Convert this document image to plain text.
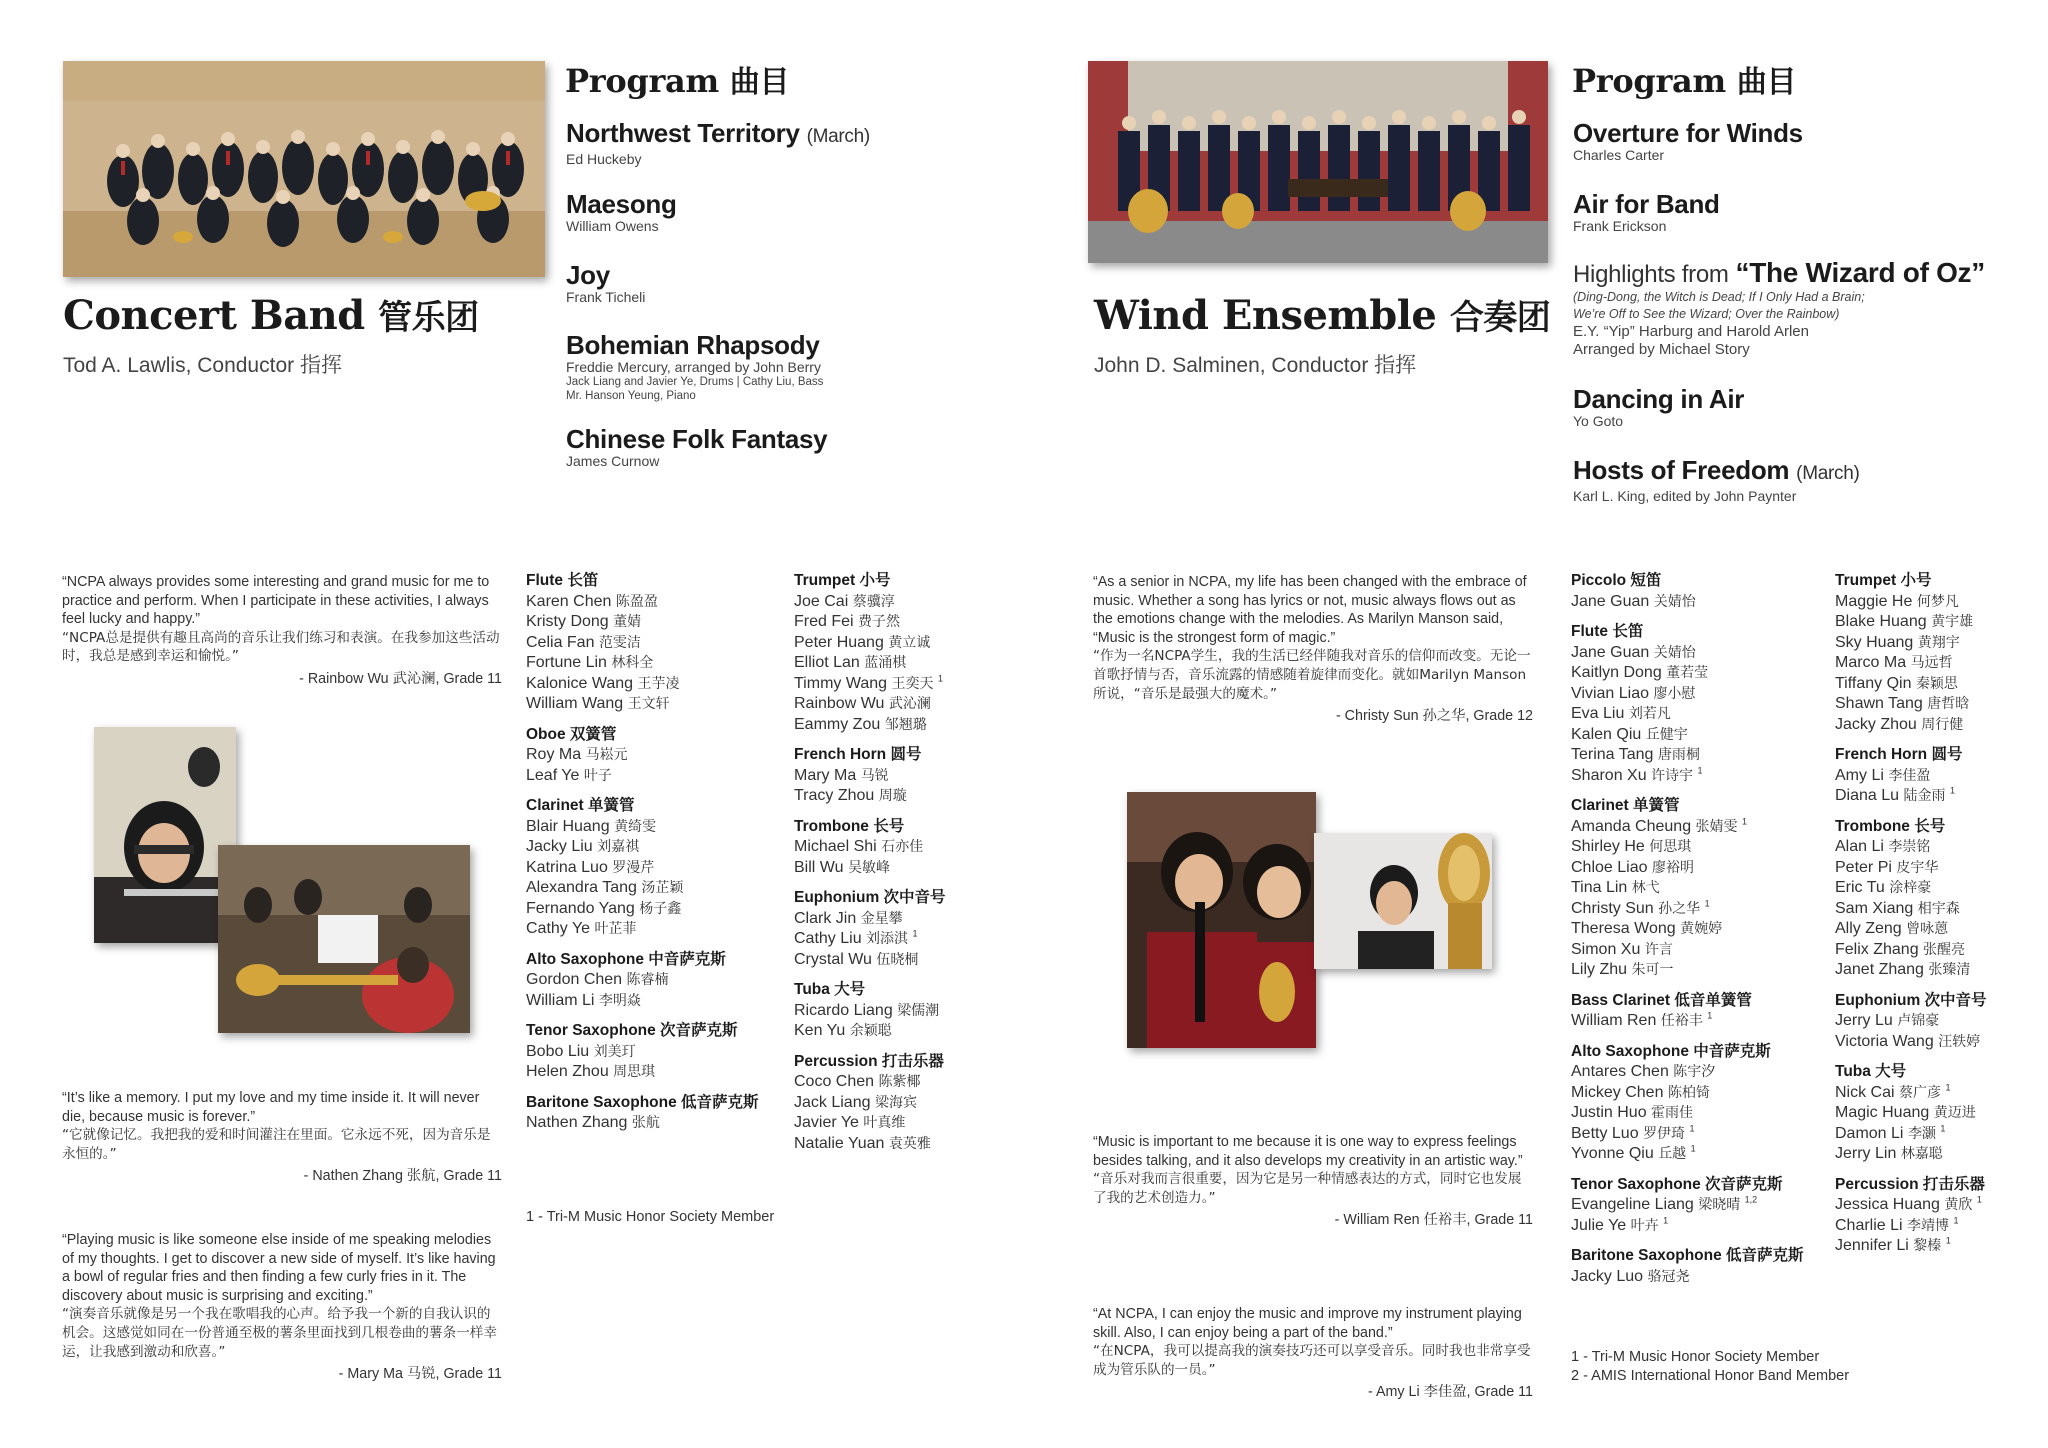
Concert Band 管乐团
Tod A. Lawlis, Conductor 指挥
Program 曲目
Northwest Territory (March)
Ed Huckeby
Maesong
William Owens
Joy
Frank Ticheli
Bohemian Rhapsody
Freddie Mercury, arranged by John Berry
Jack Liang and Javier Ye, Drums | Cathy Liu, Bass
Mr. Hanson Yeung, Piano
Chinese Folk Fantasy
James Curnow
Wind Ensemble 合奏团
John D. Salminen, Conductor 指挥
Program 曲目
Overture for Winds
Charles Carter
Air for Band
Frank Erickson
Highlights from “The Wizard of Oz”
(Ding-Dong, the Witch is Dead; If I Only Had a Brain;
We’re Off to See the Wizard; Over the Rainbow)
E.Y. “Yip” Harburg and Harold Arlen
Arranged by Michael Story
Dancing in Air
Yo Goto
Hosts of Freedom (March)
Karl L. King, edited by John Paynter

“NCPA always provides some interesting and grand music for me to practice and perform. When I participate in these activities, I always feel lucky and happy.”

“NCPA总是提供有趣且高尚的音乐让我们练习和表演。在我参加这些活动时，我总是感到幸运和愉悦。”

- Rainbow Wu 武沁澜, Grade 11

“It’s like a memory. I put my love and my time inside it. It will never die, because music is forever.”

“它就像记忆。我把我的爱和时间灌注在里面。它永远不死，因为音乐是永恒的。”

- Nathen Zhang 张航, Grade 11

“Playing music is like someone else inside of me speaking melodies of my thoughts. I get to discover a new side of myself. It’s like having a bowl of regular fries and then finding a few curly fries in it. The discovery about music is surprising and exciting.”

“演奏音乐就像是另一个我在歌唱我的心声。给予我一个新的自我认识的机会。这感觉如同在一份普通至极的薯条里面找到几根卷曲的薯条一样幸运，让我感到激动和欣喜。”

- Mary Ma 马锐, Grade 11

“As a senior in NCPA, my life has been changed with the embrace of music. Whether a song has lyrics or not, music always flows out as the emotions change with the melodies. As Marilyn Manson said, “Music is the strongest form of magic.”

“作为一名NCPA学生，我的生活已经伴随我对音乐的信仰而改变。无论一首歌抒情与否，音乐流露的情感随着旋律而变化。就如Marilyn Manson 所说，“音乐是最强大的魔术。”

- Christy Sun 孙之华, Grade 12

“Music is important to me because it is one way to express feelings besides talking, and it also develops my creativity in an artistic way.”

“音乐对我而言很重要，因为它是另一种情感表达的方式，同时它也发展了我的艺术创造力。”

- William Ren 任裕丰, Grade 11

“At NCPA, I can enjoy the music and improve my instrument playing skill. Also, I can enjoy being a part of the band.”

“在NCPA，我可以提高我的演奏技巧还可以享受音乐。同时我也非常享受成为管乐队的一员。”

- Amy Li 李佳盈, Grade 11

Flute 长笛
Karen Chen 陈盈盈
Kristy Dong 董婧
Celia Fan 范雯洁
Fortune Lin 林科全
Kalonice Wang 王芋凌
William Wang 王文轩
Oboe 双簧管
Roy Ma 马崧元
Leaf Ye 叶子
Clarinet 单簧管
Blair Huang 黄绮雯
Jacky Liu 刘嘉祺
Katrina Luo 罗漫芹
Alexandra Tang 汤芷颖
Fernando Yang 杨子鑫
Cathy Ye 叶芷菲
Alto Saxophone 中音萨克斯
Gordon Chen 陈睿楠
William Li 李明焱
Tenor Saxophone 次音萨克斯
Bobo Liu 刘美玎
Helen Zhou 周思琪
Baritone Saxophone 低音萨克斯
Nathen Zhang 张航
Trumpet 小号
Joe Cai 蔡骥淳
Fred Fei 费子然
Peter Huang 黄立诚
Elliot Lan 蓝涌棋
Timmy Wang 王奕天 $^1$
Rainbow Wu 武沁澜
Eammy Zou 邹翘璐
French Horn 圆号
Mary Ma 马锐
Tracy Zhou 周璇
Trombone 长号
Michael Shi 石亦佳
Bill Wu 吴敏峰
Euphonium 次中音号
Clark Jin 金星攀
Cathy Liu 刘添淇 $^1$
Crystal Wu 伍晓桐
Tuba 大号
Ricardo Liang 梁儒潮
Ken Yu 余颖聪
Percussion 打击乐器
Coco Chen 陈紫椰
Jack Liang 梁海宾
Javier Ye 叶真维
Natalie Yuan 袁英雅
1 - Tri-M Music Honor Society Member
Piccolo 短笛
Jane Guan 关婧怡
Flute 长笛
Jane Guan 关婧怡
Kaitlyn Dong 董若莹
Vivian Liao 廖小慰
Eva Liu 刘若凡
Kalen Qiu 丘健宇
Terina Tang 唐雨桐
Sharon Xu 许诗宇 $^1$
Clarinet 单簧管
Amanda Cheung 张婧雯 $^1$
Shirley He 何思琪
Chloe Liao 廖裕明
Tina Lin 林弋
Christy Sun 孙之华 $^1$
Theresa Wong 黄婉婷
Simon Xu 许言
Lily Zhu 朱可一
Bass Clarinet 低音单簧管
William Ren 任裕丰 $^1$
Alto Saxophone 中音萨克斯
Antares Chen 陈宇汐
Mickey Chen 陈柏锜
Justin Huo 霍雨佳
Betty Luo 罗伊琦 $^1$
Yvonne Qiu 丘越 $^1$
Tenor Saxophone 次音萨克斯
Evangeline Liang 梁晓晴 $^{1,2}$
Julie Ye 叶卉 $^1$
Baritone Saxophone 低音萨克斯
Jacky Luo 骆冠尧
Trumpet 小号
Maggie He 何梦凡
Blake Huang 黄宇雄
Sky Huang 黄翔宇
Marco Ma 马远哲
Tiffany Qin 秦颖思
Shawn Tang 唐哲晗
Jacky Zhou 周行健
French Horn 圆号
Amy Li 李佳盈
Diana Lu 陆金雨 $^1$
Trombone 长号
Alan Li 李崇铭
Peter Pi 皮宇华
Eric Tu 涂梓豪
Sam Xiang 相宇森
Ally Zeng 曾咏蒽
Felix Zhang 张醒亮
Janet Zhang 张臻清
Euphonium 次中音号
Jerry Lu 卢锦豪
Victoria Wang 汪轶婷
Tuba 大号
Nick Cai 蔡广彦 $^1$
Magic Huang 黄迈进
Damon Li 李灏 $^1$
Jerry Lin 林嘉聪
Percussion 打击乐器
Jessica Huang 黄欣 $^1$
Charlie Li 李靖博 $^1$
Jennifer Li 黎榛 $^1$
1 - Tri-M Music Honor Society Member
2 - AMIS International Honor Band Member
